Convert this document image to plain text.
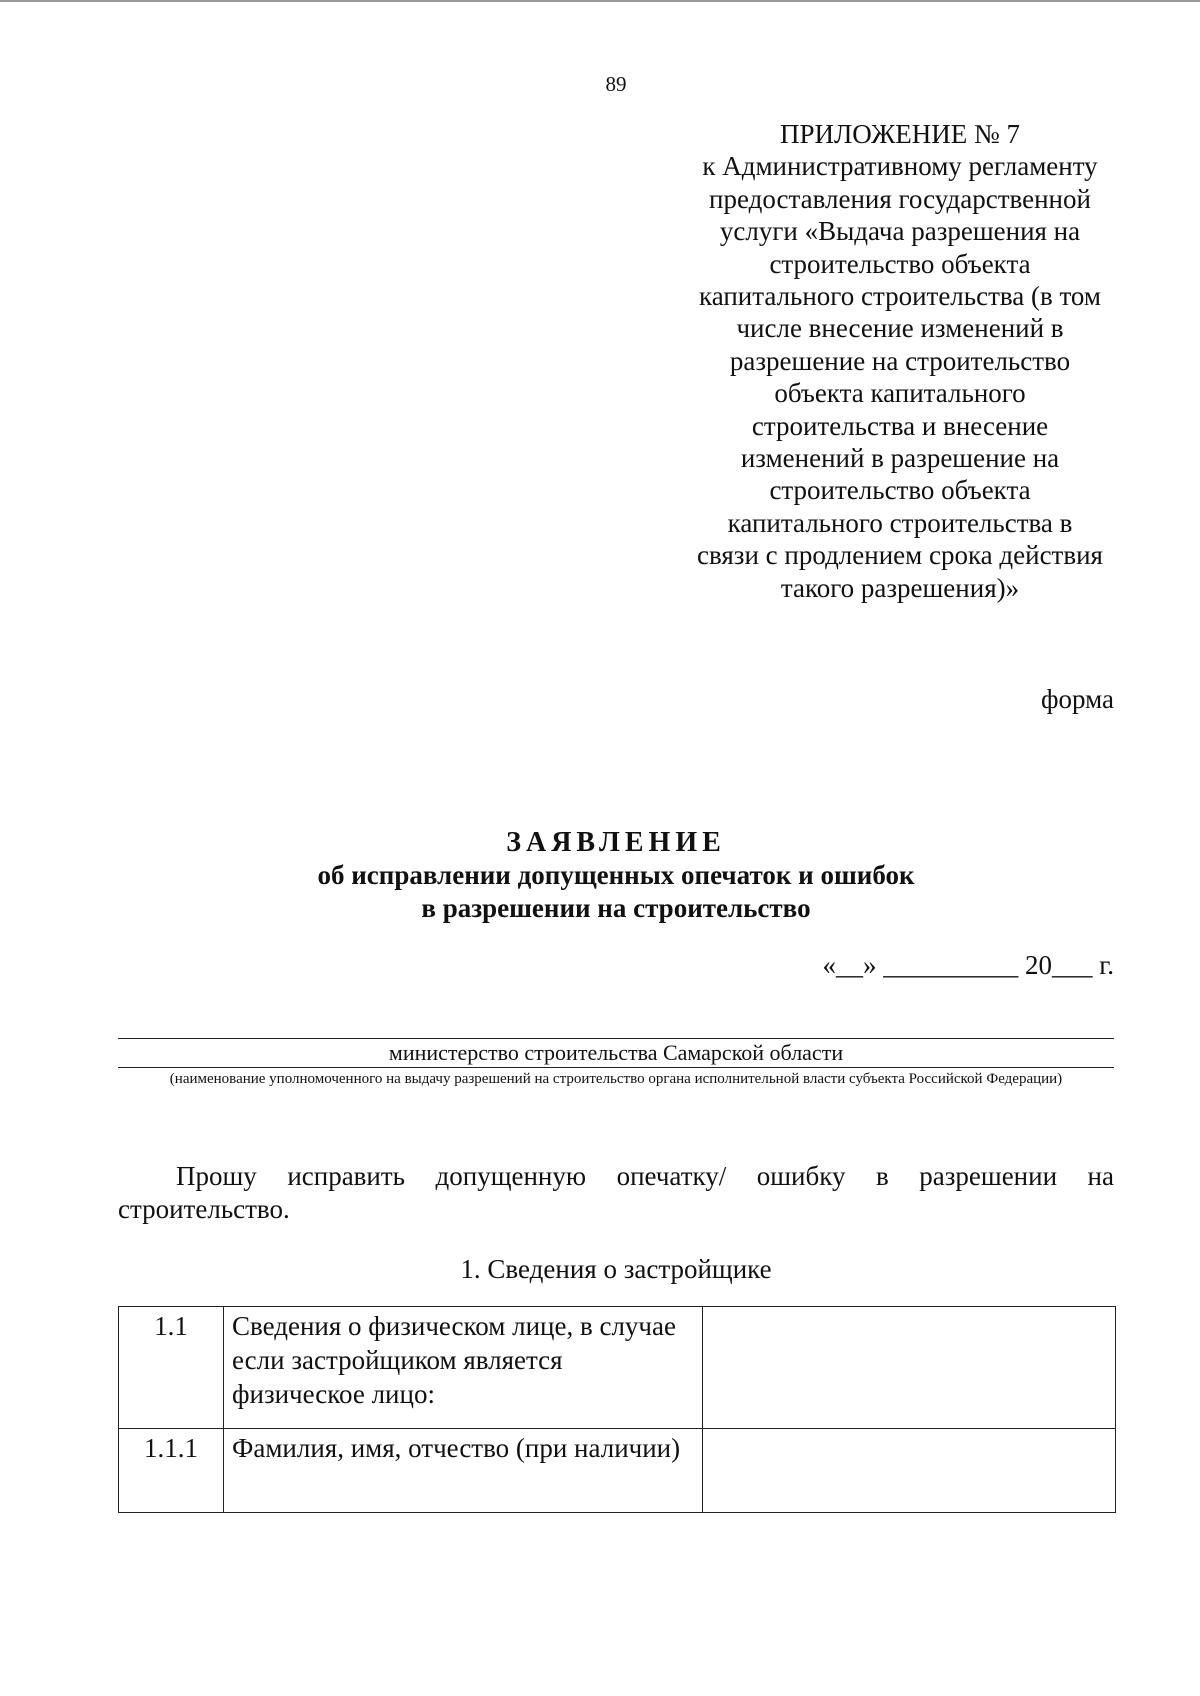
89
ПРИЛОЖЕНИЕ № 7
к Административному регламенту
предоставления государственной
услуги «Выдача разрешения на
строительство объекта
капитального строительства (в том
числе внесение изменений в
разрешение на строительство
объекта капитального
строительства и внесение
изменений в разрешение на
строительство объекта
капитального строительства в
связи с продлением срока действия
такого разрешения)»
форма
ЗАЯВЛЕНИЕ
об исправлении допущенных опечаток и ошибок
в разрешении на строительство
«__» __________ 20___ г.
министерство строительства Самарской области
(наименование уполномоченного на выдачу разрешений на строительство органа исполнительной власти субъекта Российской Федерации)
Прошу исправить допущенную опечатку/ ошибку в разрешении на строительство.
1. Сведения о застройщике
1.1	Сведения о физическом лице, в случае если застройщиком является физическое лицо:	
1.1.1	Фамилия, имя, отчество (при наличии)	
